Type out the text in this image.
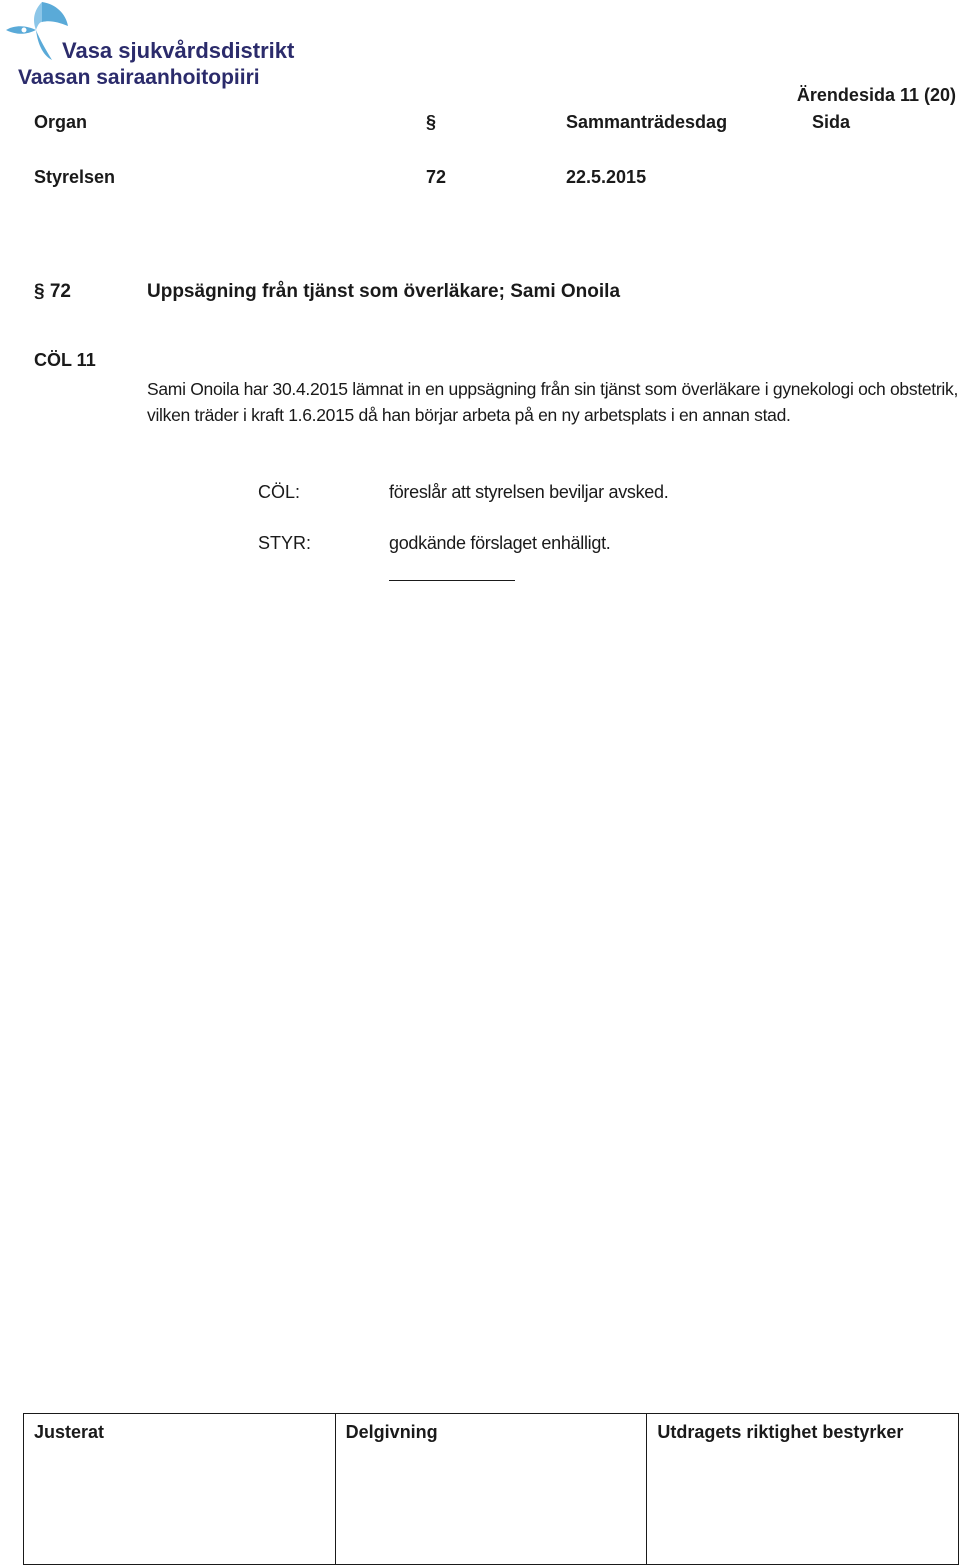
Vasa sjukvårdsdistrikt
Vaasan sairaanhoitopiiri
Ärendesida 11 (20)
Organ	§	Sammanträdesdag	Sida
Styrelsen	72	22.5.2015
§ 72	Uppsägning från tjänst som överläkare; Sami Onoila
CÖL 11
Sami Onoila har 30.4.2015 lämnat in en uppsägning från sin tjänst som överläkare i gynekologi och obstetrik, vilken träder i kraft 1.6.2015 då han börjar arbeta på en ny arbetsplats i en annan stad.
CÖL:	föreslår att styrelsen beviljar avsked.
STYR:	godkände förslaget enhälligt.
Justerat	Delgivning	Utdragets riktighet bestyrker
